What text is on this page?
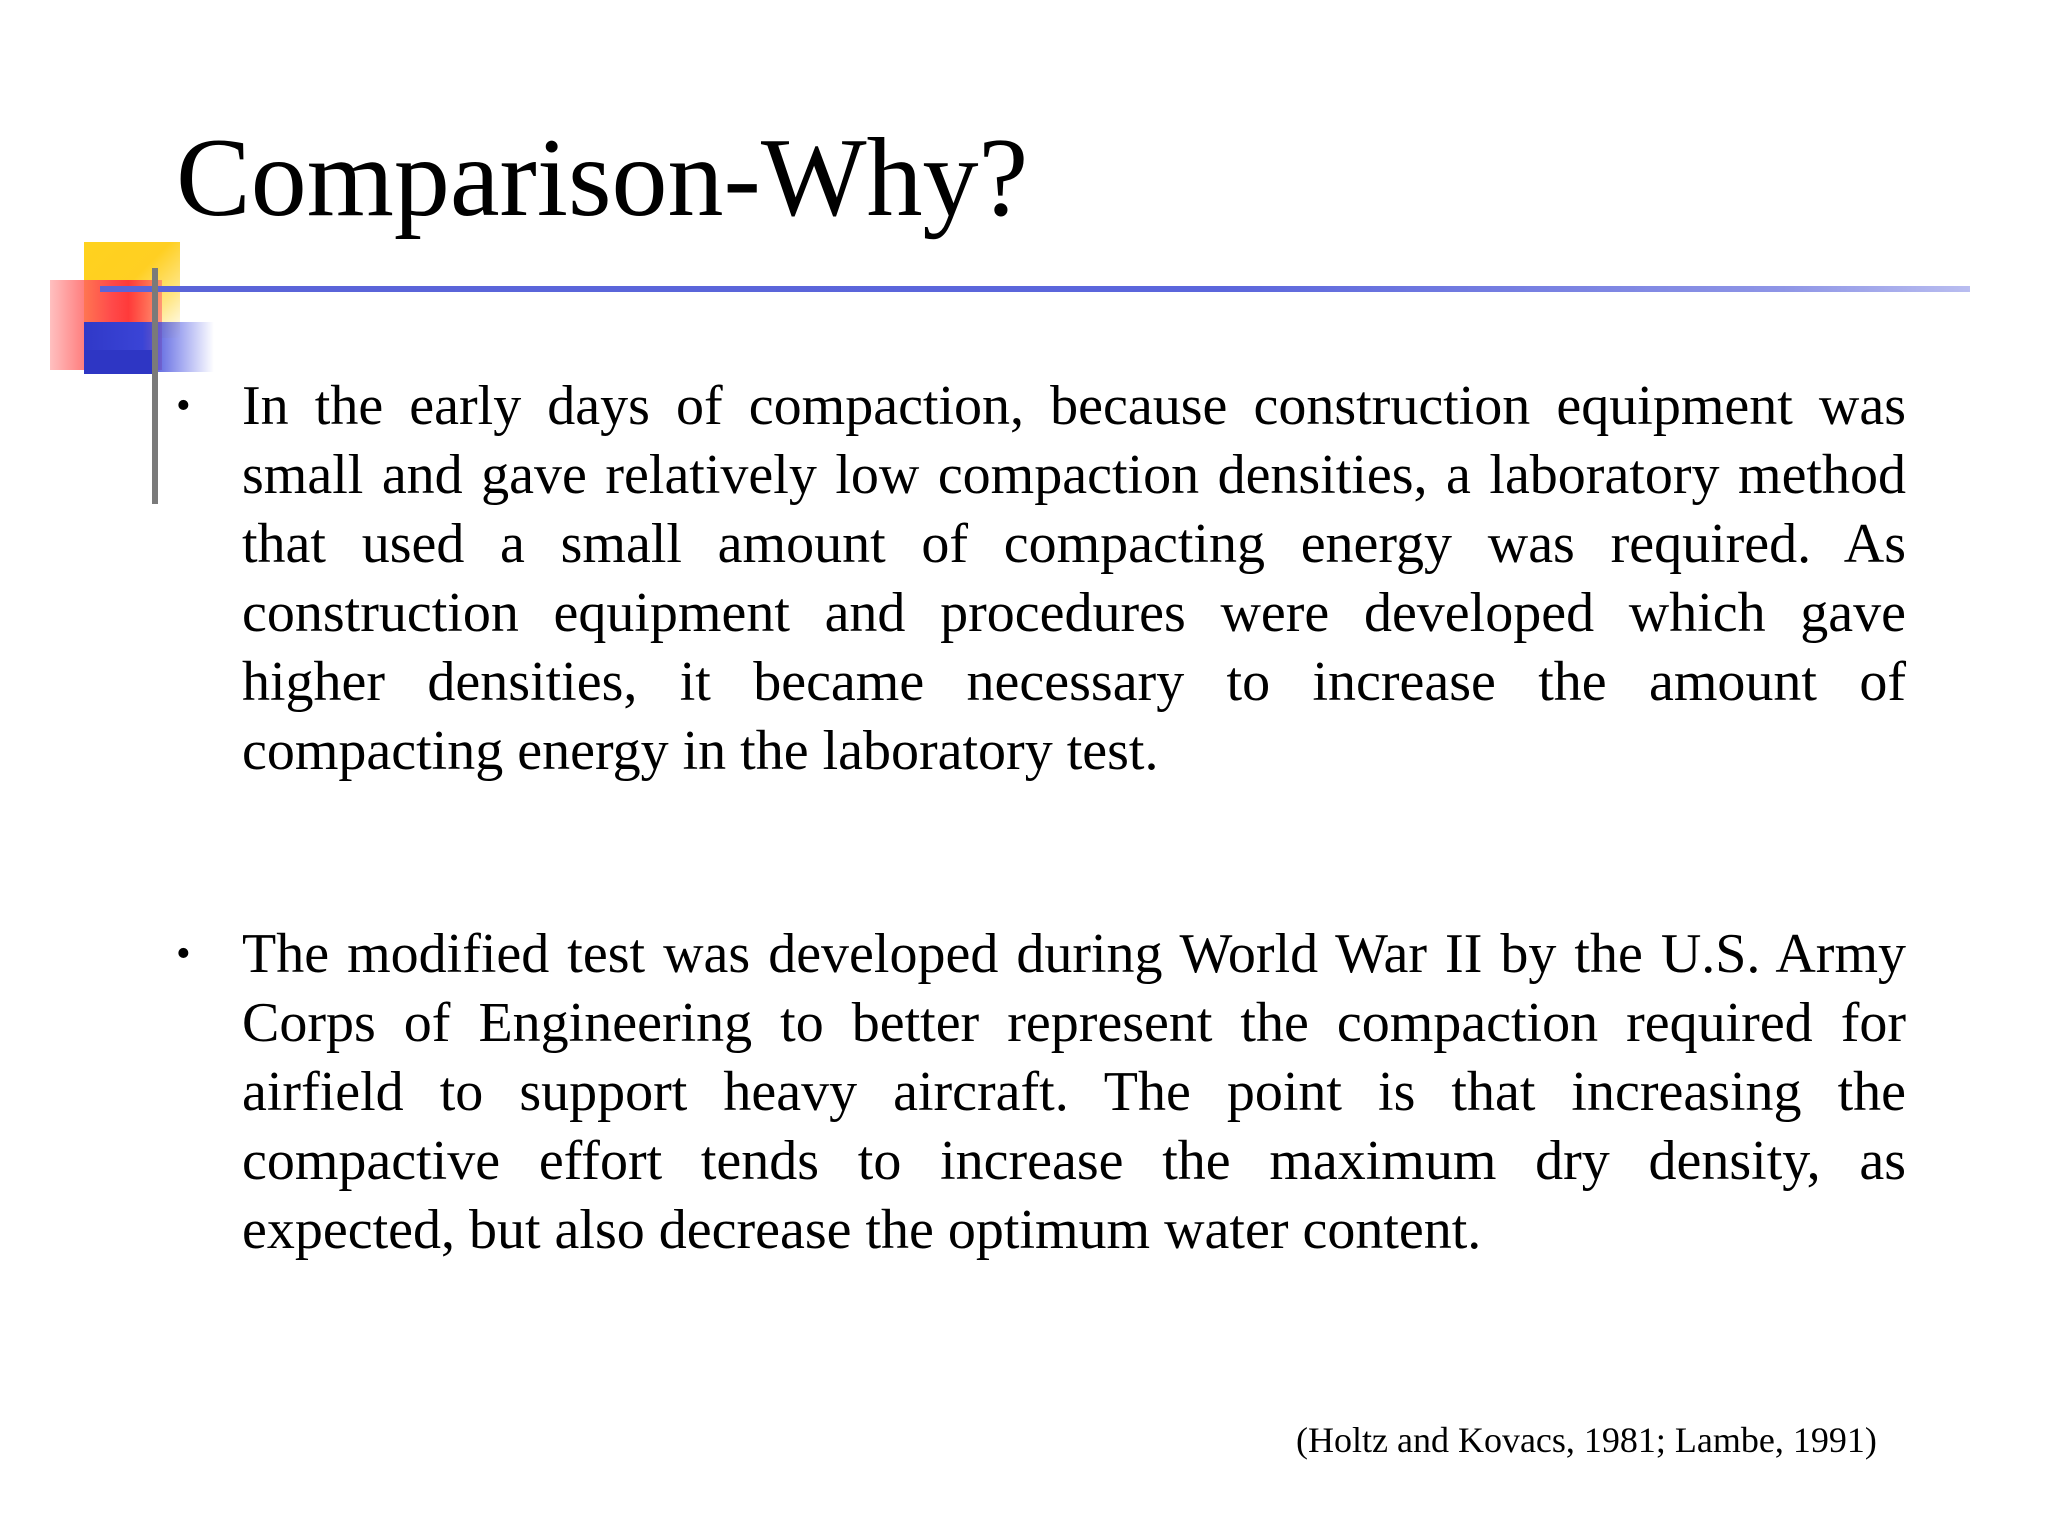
Comparison-Why?
• In the early days of compaction, because construction equipment was small and gave relatively low compaction densities, a laboratory method that used a small amount of compacting energy was required. As construction equipment and procedures were developed which gave higher densities, it became necessary to increase the amount of compacting energy in the laboratory test.
• The modified test was developed during World War II by the U.S. Army Corps of Engineering to better represent the compaction required for airfield to support heavy aircraft. The point is that increasing the compactive effort tends to increase the maximum dry density, as expected, but also decrease the optimum water content.
(Holtz and Kovacs, 1981; Lambe, 1991)
